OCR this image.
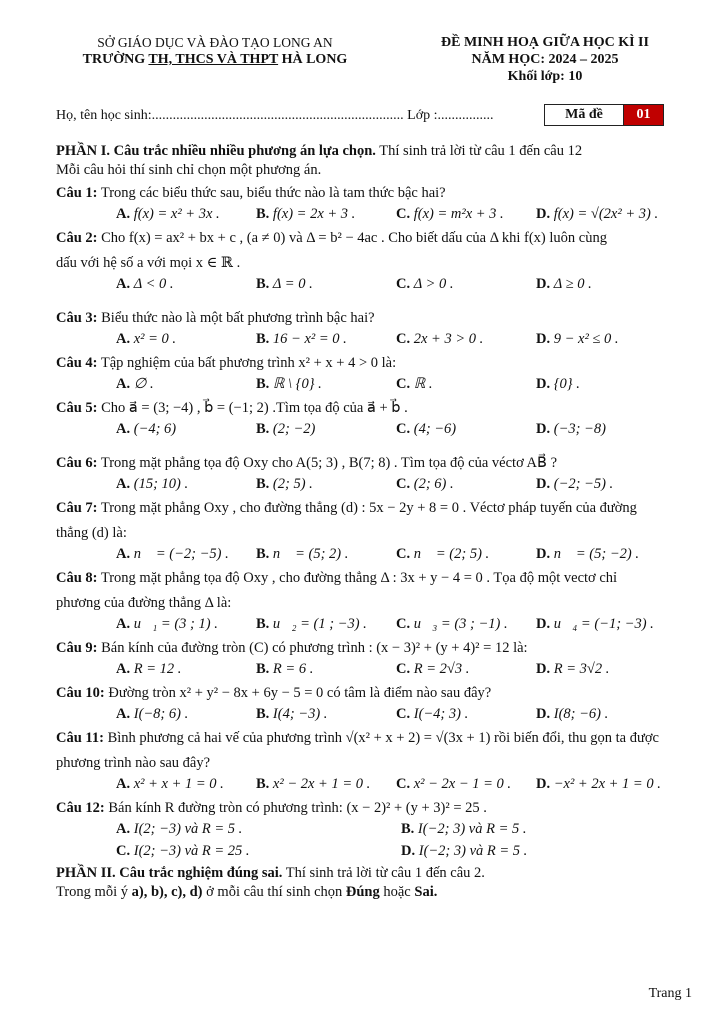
SỞ GIÁO DỤC VÀ ĐÀO TẠO LONG AN
TRƯỜNG TH, THCS VÀ THPT HÀ LONG
ĐỀ MINH HOẠ GIỮA HỌC KÌ II
NĂM HỌC: 2024 – 2025
Khối lớp: 10
Họ, tên học sinh:........................................................................ Lớp :................	Mã đề	01
PHẦN I. Câu trắc nhiều nhiều phương án lựa chọn. Thí sinh trả lời từ câu 1 đến câu 12
Mỗi câu hỏi thí sinh chỉ chọn một phương án.
Câu 1: Trong các biểu thức sau, biểu thức nào là tam thức bậc hai?
A. f(x) = x² + 3x .	B. f(x) = 2x + 3 .	C. f(x) = m²x + 3 .	D. f(x) = √(2x² + 3) .
Câu 2: Cho f(x) = ax² + bx + c , (a ≠ 0) và Δ = b² − 4ac . Cho biết dấu của Δ khi f(x) luôn cùng
dấu với hệ số a với mọi x ∈ ℝ .
A. Δ < 0 .	B. Δ = 0 .	C. Δ > 0 .	D. Δ ≥ 0 .
Câu 3: Biểu thức nào là một bất phương trình bậc hai?
A. x² = 0 .	B. 16 − x² = 0 .	C. 2x + 3 > 0 .	D. 9 − x² ≤ 0 .
Câu 4: Tập nghiệm của bất phương trình x² + x + 4 > 0 là:
A. ∅ .	B. ℝ \ {0} .	C. ℝ .	D. {0} .
Câu 5: Cho a⃗ = (3; −4) , b⃗ = (−1; 2) .Tìm tọa độ của a⃗ + b⃗ .
A. (−4; 6)	B. (2; −2)	C. (4; −6)	D. (−3; −8)
Câu 6: Trong mặt phẳng tọa độ Oxy cho A(5; 3) , B(7; 8) . Tìm tọa độ của véctơ AB⃗ ?
A. (15; 10) .	B. (2; 5) .	C. (2; 6) .	D. (−2; −5) .
Câu 7: Trong mặt phẳng Oxy , cho đường thẳng (d) : 5x − 2y + 8 = 0 . Véctơ pháp tuyến của đường
thẳng (d) là:
A. n⃗ = (−2; −5) .	B. n⃗ = (5; 2) .	C. n⃗ = (2; 5) .	D. n⃗ = (5; −2) .
Câu 8: Trong mặt phẳng tọa độ Oxy , cho đường thẳng Δ : 3x + y − 4 = 0 . Tọa độ một vectơ chỉ
phương của đường thẳng Δ là:
A. u⃗₁ = (3 ; 1) .	B. u⃗₂ = (1 ; −3) .	C. u⃗₃ = (3 ; −1) .	D. u⃗₄ = (−1; −3) .
Câu 9: Bán kính của đường tròn (C) có phương trình : (x − 3)² + (y + 4)² = 12 là:
A. R = 12 .	B. R = 6 .	C. R = 2√3 .	D. R = 3√2 .
Câu 10: Đường tròn x² + y² − 8x + 6y − 5 = 0 có tâm là điểm nào sau đây?
A. I(−8; 6) .	B. I(4; −3) .	C. I(−4; 3) .	D. I(8; −6) .
Câu 11: Bình phương cả hai vế của phương trình √(x² + x + 2) = √(3x + 1) rồi biến đổi, thu gọn ta được
phương trình nào sau đây?
A. x² + x + 1 = 0 .	B. x² − 2x + 1 = 0 .	C. x² − 2x − 1 = 0 .	D. −x² + 2x + 1 = 0 .
Câu 12: Bán kính R đường tròn có phương trình: (x − 2)² + (y + 3)² = 25 .
A. I(2; −3) và R = 5 .	B. I(−2; 3) và R = 5 .
C. I(2; −3) và R = 25 .	D. I(−2; 3) và R = 5 .
PHẦN II. Câu trắc nghiệm đúng sai. Thí sinh trả lời từ câu 1 đến câu 2.
Trong mỗi ý a), b), c), d) ở mỗi câu thí sinh chọn Đúng hoặc Sai.
Trang 1
